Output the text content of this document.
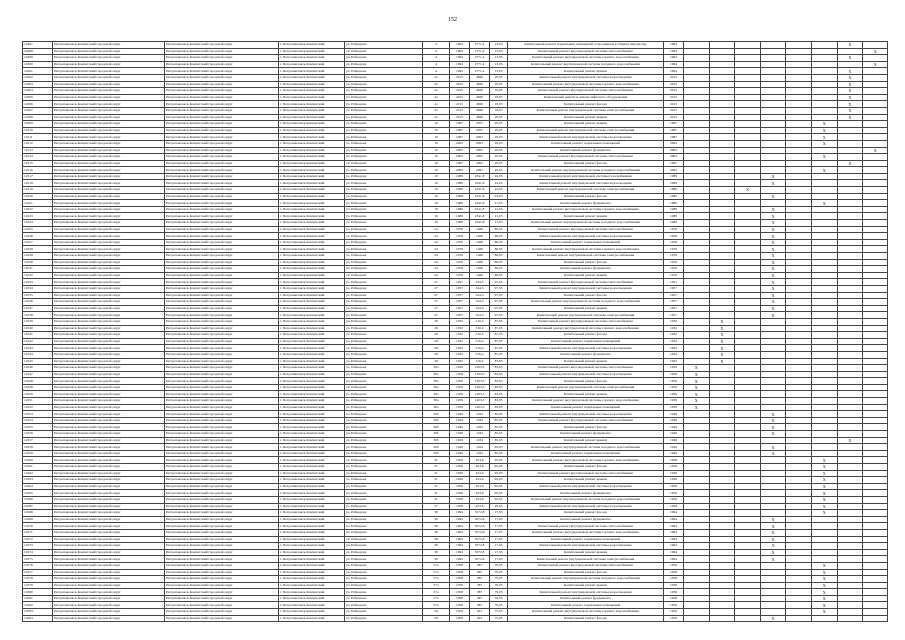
152
14497	Петропавловск-Камчатский городской округ	Петропавловск-Камчатский городской округ	г. Петропавловск-Камчатский	ул. Рабкорова	4	1994	2771,4	13,05	Капитальный ремонт подвальных помещений, относящихся к общему имуществу	1994							X	
14498	Петропавловск-Камчатский городской округ	Петропавловск-Камчатский городской округ	г. Петропавловск-Камчатский	ул. Рабкорова	4	1994	2771,4	13,05	Капитальный ремонт внутридомовой системы теплоснабжения	1994								X
14499	Петропавловск-Камчатский городской округ	Петропавловск-Камчатский городской округ	г. Петропавловск-Камчатский	ул. Рабкорова	4	1994	2771,4	13,05	Капитальный ремонт внутридомовой системы горячего водоснабжения	1994							X	
14500	Петропавловск-Камчатский городской округ	Петропавловск-Камчатский городской округ	г. Петропавловск-Камчатский	ул. Рабкорова	4	1994	2771,4	13,05	Капитальный ремонт внутридомовой системы холодного водоснабжения	1994								X
14501	Петропавловск-Камчатский городской округ	Петропавловск-Камчатский городской округ	г. Петропавловск-Камчатский	ул. Рабкорова	4	1994	2771,4	13,05	Капитальный ремонт крыши	1994							X	
14502	Петропавловск-Камчатский городской округ	Петропавловск-Камчатский городской округ	г. Петропавловск-Камчатский	ул. Рабкорова	2а	2015	4820	18,05	Капитальный ремонт внутридомовой системы водоотведения	2015							X	
14503	Петропавловск-Камчатский городской округ	Петропавловск-Камчатский городской округ	г. Петропавловск-Камчатский	ул. Рабкорова	2а	2015	4820	18,05	Капитальный ремонт внутридомовой системы горячего водоснабжения	2015							X	
14504	Петропавловск-Камчатский городской округ	Петропавловск-Камчатский городской округ	г. Петропавловск-Камчатский	ул. Рабкорова	2а	2015	4820	18,05	Капитальный ремонт внутридомовой системы теплоснабжения	2015							X	
14505	Петропавловск-Камчатский городской округ	Петропавловск-Камчатский городской округ	г. Петропавловск-Камчатский	ул. Рабкорова	2а	2015	4820	18,05	Капитальный ремонт и замена лифтового оборудования	2015							X	
14506	Петропавловск-Камчатский городской округ	Петропавловск-Камчатский городской округ	г. Петропавловск-Камчатский	ул. Рабкорова	2а	2015	4820	18,05	Капитальный ремонт фасада	2015							X	
14507	Петропавловск-Камчатский городской округ	Петропавловск-Камчатский городской округ	г. Петропавловск-Камчатский	ул. Рабкорова	2а	2015	4820	18,05	Капитальный ремонт внутридомовой системы электроснабжения	2015							X	
14508	Петропавловск-Камчатский городской округ	Петропавловск-Камчатский городской округ	г. Петропавловск-Камчатский	ул. Рабкорова	2а	2015	4820	18,05	Капитальный ремонт крыши	2015							X	
14509	Петропавловск-Камчатский городской округ	Петропавловск-Камчатский городской округ	г. Петропавловск-Камчатский	ул. Рабкорова	10	1987	2957	29,05	Капитальный ремонт крыши	1987						X		
14510	Петропавловск-Камчатский городской округ	Петропавловск-Камчатский городской округ	г. Петропавловск-Камчатский	ул. Рабкорова	10	1987	2957	29,05	Капитальный ремонт внутридомовой системы электроснабжения	1987						X		
14511	Петропавловск-Камчатский городской округ	Петропавловск-Камчатский городской округ	г. Петропавловск-Камчатский	ул. Рабкорова	10	1987	2957	29,05	Капитальный ремонт внутридомовой системы водоотведения	1987						X		
14512	Петропавловск-Камчатский городской округ	Петропавловск-Камчатский городской округ	г. Петропавловск-Камчатский	ул. Рабкорова	10	2002	2097	29,05	Капитальный ремонт подвальных помещений	2002						X		
14513	Петропавловск-Камчатский городской округ	Петропавловск-Камчатский городской округ	г. Петропавловск-Камчатский	ул. Рабкорова	10	2002	2097	29,05	Капитальный ремонт фундамента	2002								X
14514	Петропавловск-Камчатский городской округ	Петропавловск-Камчатский городской округ	г. Петропавловск-Камчатский	ул. Рабкорова	10	2002	2097	29,05	Капитальный ремонт внутридомовой системы теплоснабжения	2002						X		
14515	Петропавловск-Камчатский городской округ	Петропавловск-Камчатский городской округ	г. Петропавловск-Камчатский	ул. Рабкорова	10	1987	2097	29,05	Капитальный ремонт фасада	1987							X	
14516	Петропавловск-Камчатский городской округ	Петропавловск-Камчатский городской округ	г. Петропавловск-Камчатский	ул. Рабкорова	10	2002	2097	29,05	Капитальный ремонт внутридомовой системы холодного водоснабжения	2002						X		
14517	Петропавловск-Камчатский городской округ	Петропавловск-Камчатский городской округ	г. Петропавловск-Камчатский	ул. Рабкорова	10	1989	2341,8	24,05	Капитальный ремонт внутридомовой системы газоснабжения	1989				X				
14518	Петропавловск-Камчатский городской округ	Петропавловск-Камчатский городской округ	г. Петропавловск-Камчатский	ул. Рабкорова	10	1989	2341,8	24,05	Капитальный ремонт внутридомовой системы водоотведения	1989				X				
14519	Петропавловск-Камчатский городской округ	Петропавловск-Камчатский городской округ	г. Петропавловск-Камчатский	ул. Рабкорова	10	1989	2341,8	24,05	Капитальный ремонт внутридомовой системы электроснабжения	1989			X					
14520	Петропавловск-Камчатский городской округ	Петропавловск-Камчатский городской округ	г. Петропавловск-Камчатский	ул. Рабкорова	10	1989	2341,8	24,05	Капитальный ремонт фасада	1989				X				
14521	Петропавловск-Камчатский городской округ	Петропавловск-Камчатский городской округ	г. Петропавловск-Камчатский	ул. Рабкорова	19	1989	2341,8	21,05	Капитальный ремонт фундамента	1989						X		
14522	Петропавловск-Камчатский городской округ	Петропавловск-Камчатский городской округ	г. Петропавловск-Камчатский	ул. Рабкорова	19	1989	2341,8	21,05	Капитальный ремонт внутридомовой системы горячего водоснабжения	1989				X				
14523	Петропавловск-Камчатский городской округ	Петропавловск-Камчатский городской округ	г. Петропавловск-Камчатский	ул. Рабкорова	19	1989	2341,8	21,05	Капитальный ремонт крыши	1989				X				
14524	Петропавловск-Камчатский городской округ	Петропавловск-Камчатский городской округ	г. Петропавловск-Камчатский	ул. Рабкорова	19	1989	2341,8	21,05	Капитальный ремонт внутридомовой системы холодного водоснабжения	1989				X				
14525	Петропавловск-Камчатский городской округ	Петропавловск-Камчатский городской округ	г. Петропавловск-Камчатский	ул. Рабкорова	24	1976	1460	80,05	Капитальный ремонт внутридомовой системы теплоснабжения	1976				X				
14526	Петропавловск-Камчатский городской округ	Петропавловск-Камчатский городской округ	г. Петропавловск-Камчатский	ул. Рабкорова	24	1976	1460	80,05	Капитальный ремонт внутридомовой системы водоотведения	1976				X				
14527	Петропавловск-Камчатский городской округ	Петропавловск-Камчатский городской округ	г. Петропавловск-Камчатский	ул. Рабкорова	24	1976	1460	80,05	Капитальный ремонт подвальных помещений	1976				X				
14528	Петропавловск-Камчатский городской округ	Петропавловск-Камчатский городской округ	г. Петропавловск-Камчатский	ул. Рабкорова	24	1976	1460	80,05	Капитальный ремонт внутридомовой системы горячего водоснабжения	1976				X				
14529	Петропавловск-Камчатский городской округ	Петропавловск-Камчатский городской округ	г. Петропавловск-Камчатский	ул. Рабкорова	24	1976	1460	80,05	Капитальный ремонт внутридомовой системы электроснабжения	1976				X				
14530	Петропавловск-Камчатский городской округ	Петропавловск-Камчатский городской округ	г. Петропавловск-Камчатский	ул. Рабкорова	24	1976	1460	80,05	Капитальный ремонт фасада	1976				X				
14531	Петропавловск-Камчатский городской округ	Петропавловск-Камчатский городской округ	г. Петропавловск-Камчатский	ул. Рабкорова	24	1976	1460	80,05	Капитальный ремонт фундамента	1976				X				
14532	Петропавловск-Камчатский городской округ	Петропавловск-Камчатский городской округ	г. Петропавловск-Камчатский	ул. Рабкорова	24	1976	1460	80,05	Капитальный ремонт крыши	1976				X				
14533	Петропавловск-Камчатский городской округ	Петропавловск-Камчатский городской округ	г. Петропавловск-Камчатский	ул. Рабкорова	27	1957	544,3	97,05	Капитальный ремонт внутридомовой системы теплоснабжения	1957				X				
14534	Петропавловск-Камчатский городской округ	Петропавловск-Камчатский городской округ	г. Петропавловск-Камчатский	ул. Рабкорова	27	1957	544,3	97,05	Капитальный ремонт внутридомовой системы водоотведения	1957				X				
14535	Петропавловск-Камчатский городской округ	Петропавловск-Камчатский городской округ	г. Петропавловск-Камчатский	ул. Рабкорова	27	1957	544,3	97,05	Капитальный ремонт фасада	1957				X				
14536	Петропавловск-Камчатский городской округ	Петропавловск-Камчатский городской округ	г. Петропавловск-Камчатский	ул. Рабкорова	27	1957	544,3	97,05	Капитальный ремонт внутридомовой системы холодного водоснабжения	1957				X				
14537	Петропавловск-Камчатский городской округ	Петропавловск-Камчатский городской округ	г. Петропавловск-Камчатский	ул. Рабкорова	27	1957	544,3	97,05	Капитальный ремонт крыши	1957				X				
14538	Петропавловск-Камчатский городской округ	Петропавловск-Камчатский городской округ	г. Петропавловск-Камчатский	ул. Рабкорова	27	1957	544,3	97,05	Капитальный ремонт внутридомовой системы электроснабжения	1957				X				
14539	Петропавловск-Камчатский городской округ	Петропавловск-Камчатский городской округ	г. Петропавловск-Камчатский	ул. Рабкорова	28	1932	516,2	87,05	Капитальный ремонт внутридомовой системы теплоснабжения	1932		X						
14540	Петропавловск-Камчатский городской округ	Петропавловск-Камчатский городской округ	г. Петропавловск-Камчатский	ул. Рабкорова	28	1932	516,2	87,05	Капитальный ремонт внутридомовой системы горячего водоснабжения	1932		X						
14541	Петропавловск-Камчатский городской округ	Петропавловск-Камчатский городской округ	г. Петропавловск-Камчатский	ул. Рабкорова	28	1932	516,2	87,05	Капитальный ремонт фасада	1932		X						
14542	Петропавловск-Камчатский городской округ	Петропавловск-Камчатский городской округ	г. Петропавловск-Камчатский	ул. Рабкорова	28	1932	516,2	87,05	Капитальный ремонт подвальных помещений	1932		X						
14543	Петропавловск-Камчатский городской округ	Петропавловск-Камчатский городской округ	г. Петропавловск-Камчатский	ул. Рабкорова	28	1932	516,2	87,05	Капитальный ремонт внутридомовой системы водоотведения	1932		X						
14544	Петропавловск-Камчатский городской округ	Петропавловск-Камчатский городской округ	г. Петропавловск-Камчатский	ул. Рабкорова	28	1932	516,2	87,05	Капитальный ремонт фундамента	1932		X						
14545	Петропавловск-Камчатский городской округ	Петропавловск-Камчатский городской округ	г. Петропавловск-Камчатский	ул. Рабкорова	28	1932	516,2	87,05	Капитальный ремонт крыши	1932		X						
14546	Петропавловск-Камчатский городской округ	Петропавловск-Камчатский городской округ	г. Петропавловск-Камчатский	ул. Рабкорова	30а	1959	1203,3	83,05	Капитальный ремонт внутридомовой системы теплоснабжения	1959	X							
14547	Петропавловск-Камчатский городской округ	Петропавловск-Камчатский городской округ	г. Петропавловск-Камчатский	ул. Рабкорова	30а	1959	1203,3	83,05	Капитальный ремонт внутридомовой системы водоотведения	1959	X							
14548	Петропавловск-Камчатский городской округ	Петропавловск-Камчатский городской округ	г. Петропавловск-Камчатский	ул. Рабкорова	30а	1959	1203,3	83,05	Капитальный ремонт фасада	1959	X							
14549	Петропавловск-Камчатский городской округ	Петропавловск-Камчатский городской округ	г. Петропавловск-Камчатский	ул. Рабкорова	30а	1959	1203,3	83,05	Капитальный ремонт внутридомовой системы электроснабжения	1959	X							
14550	Петропавловск-Камчатский городской округ	Петропавловск-Камчатский городской округ	г. Петропавловск-Камчатский	ул. Рабкорова	30а	1959	1203,3	83,05	Капитальный ремонт крыши	1959	X							
14551	Петропавловск-Камчатский городской округ	Петропавловск-Камчатский городской округ	г. Петропавловск-Камчатский	ул. Рабкорова	30а	1959	1203,3	83,05	Капитальный ремонт внутридомовой системы горячего водоснабжения	1959	X							
14552	Петропавловск-Камчатский городской округ	Петропавловск-Камчатский городской округ	г. Петропавловск-Камчатский	ул. Рабкорова	30а	1959	1203,3	83,05	Капитальный ремонт подвальных помещений	1959	X							
14553	Петропавловск-Камчатский городской округ	Петропавловск-Камчатский городской округ	г. Петропавловск-Камчатский	ул. Рабкорова	30б	1949	1184	85,05	Капитальный ремонт внутридомовой системы водоотведения	1949				X				
14554	Петропавловск-Камчатский городской округ	Петропавловск-Камчатский городской округ	г. Петропавловск-Камчатский	ул. Рабкорова	30б	1949	1184	85,05	Капитальный ремонт внутридомовой системы теплоснабжения	1949				X				
14555	Петропавловск-Камчатский городской округ	Петропавловск-Камчатский городской округ	г. Петропавловск-Камчатский	ул. Рабкорова	30б	1949	1184	85,05	Капитальный ремонт фасада	1949				X				
14556	Петропавловск-Камчатский городской округ	Петропавловск-Камчатский городской округ	г. Петропавловск-Камчатский	ул. Рабкорова	30б	1949	1184	85,05	Капитальный ремонт фундамента	1949				X				
14557	Петропавловск-Камчатский городской округ	Петропавловск-Камчатский городской округ	г. Петропавловск-Камчатский	ул. Рабкорова	30б	1949	1184	85,05	Капитальный ремонт крыши	1949							X	
14558	Петропавловск-Камчатский городской округ	Петропавловск-Камчатский городской округ	г. Петропавловск-Камчатский	ул. Рабкорова	30б	1949	1184	85,05	Капитальный ремонт внутридомовой системы холодного водоснабжения	1949				X				
14559	Петропавловск-Камчатский городской округ	Петропавловск-Камчатский городской округ	г. Петропавловск-Камчатский	ул. Рабкорова	30б	1949	1184	85,05	Капитальный ремонт подвальных помещений	1949				X				
14560	Петропавловск-Камчатский городской округ	Петропавловск-Камчатский городской округ	г. Петропавловск-Камчатский	ул. Рабкорова	31	1956	454,6	92,05	Капитальный ремонт внутридомовой системы горячего водоснабжения	1956						X		
14561	Петропавловск-Камчатский городской округ	Петропавловск-Камчатский городской округ	г. Петропавловск-Камчатский	ул. Рабкорова	31	1956	454,6	92,05	Капитальный ремонт фасада	1956						X		
14562	Петропавловск-Камчатский городской округ	Петропавловск-Камчатский городской округ	г. Петропавловск-Камчатский	ул. Рабкорова	31	1956	454,6	92,05	Капитальный ремонт внутридомовой системы теплоснабжения	1956						X		
14563	Петропавловск-Камчатский городской округ	Петропавловск-Камчатский городской округ	г. Петропавловск-Камчатский	ул. Рабкорова	31	1956	454,6	92,05	Капитальный ремонт крыши	1956						X		
14564	Петропавловск-Камчатский городской округ	Петропавловск-Камчатский городской округ	г. Петропавловск-Камчатский	ул. Рабкорова	31	1956	454,6	92,05	Капитальный ремонт внутридомовой системы водоотведения	1956						X		
14565	Петропавловск-Камчатский городской округ	Петропавловск-Камчатский городской округ	г. Петропавловск-Камчатский	ул. Рабкорова	31	1956	454,6	92,05	Капитальный ремонт фундамента	1956						X		
14566	Петропавловск-Камчатский городской округ	Петропавловск-Камчатский городской округ	г. Петропавловск-Камчатский	ул. Рабкорова	31	1956	454,6	92,05	Капитальный ремонт внутридомовой системы холодного водоснабжения	1956						X		
14567	Петропавловск-Камчатский городской округ	Петропавловск-Камчатский городской округ	г. Петропавловск-Камчатский	ул. Рабкорова	37	1958	454,6	29,05	Капитальный ремонт внутридомовой системы водоотведения	1958						X		
14568	Петропавловск-Камчатский городской округ	Петропавловск-Камчатский городской округ	г. Петропавловск-Камчатский	ул. Рабкорова	38	1994	3572,8	17,05	Капитальный ремонт фасада	1994						X		
14569	Петропавловск-Камчатский городской округ	Петропавловск-Камчатский городской округ	г. Петропавловск-Камчатский	ул. Рабкорова	38	1994	3572,8	17,05	Капитальный ремонт фундамента	1994				X				
14570	Петропавловск-Камчатский городской округ	Петропавловск-Камчатский городской округ	г. Петропавловск-Камчатский	ул. Рабкорова	38	1994	3572,8	17,05	Капитальный ремонт внутридомовой системы теплоснабжения	1994				X				
14571	Петропавловск-Камчатский городской округ	Петропавловск-Камчатский городской округ	г. Петропавловск-Камчатский	ул. Рабкорова	38	1994	3572,8	17,05	Капитальный ремонт внутридомовой системы горячего водоснабжения	1994				X				
14572	Петропавловск-Камчатский городской округ	Петропавловск-Камчатский городской округ	г. Петропавловск-Камчатский	ул. Рабкорова	38	1994	3572,8	17,05	Капитальный ремонт подвальных помещений	1994				X				
14573	Петропавловск-Камчатский городской округ	Петропавловск-Камчатский городской округ	г. Петропавловск-Камчатский	ул. Рабкорова	38	1994	3572,8	17,05	Капитальный ремонт внутридомовой системы водоотведения	1994				X				
14574	Петропавловск-Камчатский городской округ	Петропавловск-Камчатский городской округ	г. Петропавловск-Камчатский	ул. Рабкорова	38	1994	3572,8	17,05	Капитальный ремонт крыши	1994				X				
14575	Петропавловск-Камчатский городской округ	Петропавловск-Камчатский городской округ	г. Петропавловск-Камчатский	ул. Рабкорова	38	1994	3572,8	17,05	Капитальный ремонт внутридомовой системы электроснабжения	1994				X				
14576	Петропавловск-Камчатский городской округ	Петропавловск-Камчатский городской округ	г. Петропавловск-Камчатский	ул. Рабкорова	57а	1958	387	79,05	Капитальный ремонт внутридомовой системы теплоснабжения	1958						X		
14577	Петропавловск-Камчатский городской округ	Петропавловск-Камчатский городской округ	г. Петропавловск-Камчатский	ул. Рабкорова	57а	1958	387	79,05	Капитальный ремонт фасада	1958						X		
14578	Петропавловск-Камчатский городской округ	Петропавловск-Камчатский городской округ	г. Петропавловск-Камчатский	ул. Рабкорова	57а	1958	387	79,05	Капитальный ремонт внутридомовой системы холодного водоснабжения	1958						X		
14579	Петропавловск-Камчатский городской округ	Петропавловск-Камчатский городской округ	г. Петропавловск-Камчатский	ул. Рабкорова	57а	1958	387	79,05	Капитальный ремонт крыши	1958						X		
14580	Петропавловск-Камчатский городской округ	Петропавловск-Камчатский городской округ	г. Петропавловск-Камчатский	ул. Рабкорова	57а	1958	387	79,05	Капитальный ремонт внутридомовой системы водоотведения	1958						X		
14581	Петропавловск-Камчатский городской округ	Петропавловск-Камчатский городской округ	г. Петропавловск-Камчатский	ул. Рабкорова	57а	1958	387	79,05	Капитальный ремонт фундамента	1958						X		
14582	Петропавловск-Камчатский городской округ	Петропавловск-Камчатский городской округ	г. Петропавловск-Камчатский	ул. Рабкорова	57а	1958	387	79,05	Капитальный ремонт подвальных помещений	1958						X		
14583	Петропавловск-Камчатский городской округ	Петропавловск-Камчатский городской округ	г. Петропавловск-Камчатский	ул. Рабкорова	59	1959	401	75,05	Капитальный ремонт внутридомовой системы горячего водоснабжения	1959						X		
14584	Петропавловск-Камчатский городской округ	Петропавловск-Камчатский городской округ	г. Петропавловск-Камчатский	ул. Рабкорова	59	1959	401	75,05	Капитальный ремонт фасада	1959				X				
